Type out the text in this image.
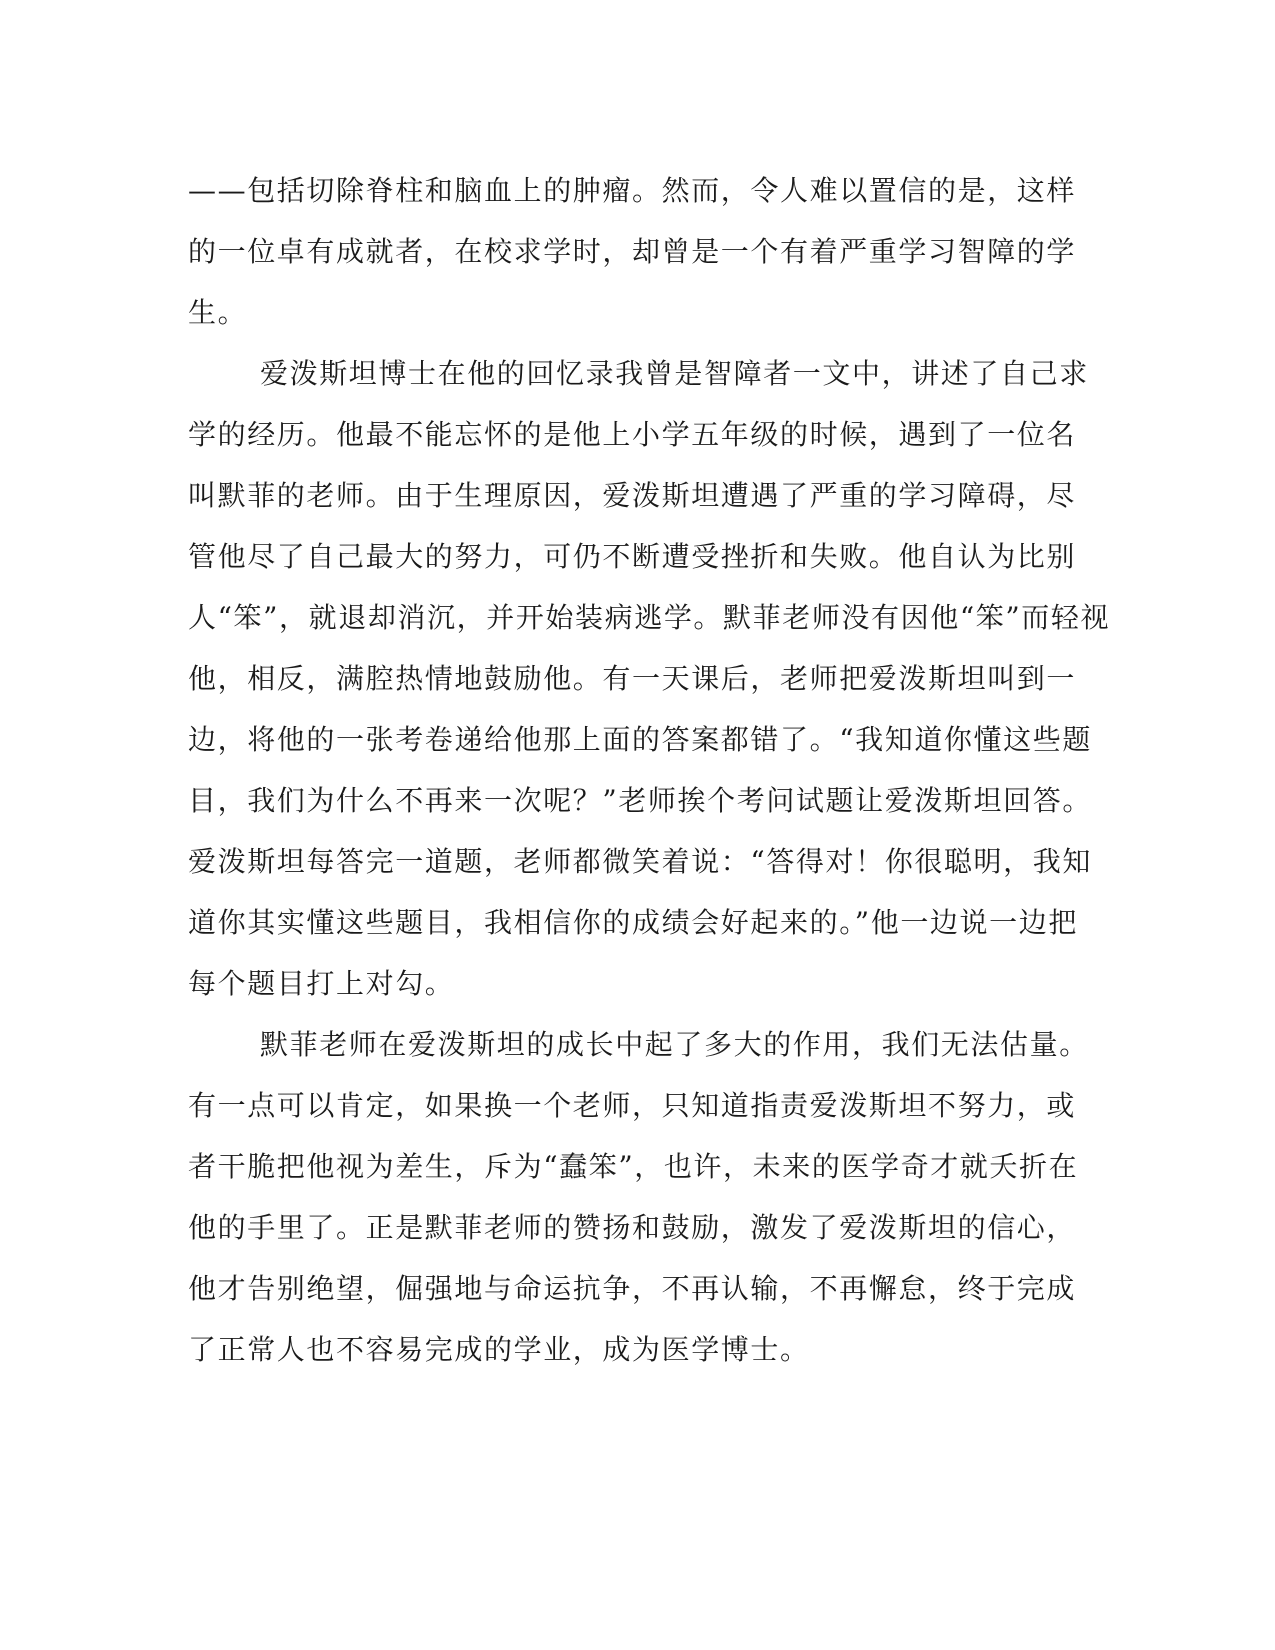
——包括切除脊柱和脑血上的肿瘤。然而，令人难以置信的是，这样
的一位卓有成就者，在校求学时，却曾是一个有着严重学习智障的学
生。
爱泼斯坦博士在他的回忆录我曾是智障者一文中，讲述了自己求
学的经历。他最不能忘怀的是他上小学五年级的时候，遇到了一位名
叫默菲的老师。由于生理原因，爱泼斯坦遭遇了严重的学习障碍，尽
管他尽了自己最大的努力，可仍不断遭受挫折和失败。他自认为比别
人“笨”，就退却消沉，并开始装病逃学。默菲老师没有因他“笨”而轻视
他，相反，满腔热情地鼓励他。有一天课后，老师把爱泼斯坦叫到一
边，将他的一张考卷递给他那上面的答案都错了。“我知道你懂这些题
目，我们为什么不再来一次呢？”老师挨个考问试题让爱泼斯坦回答。
爱泼斯坦每答完一道题，老师都微笑着说：“答得对！你很聪明，我知
道你其实懂这些题目，我相信你的成绩会好起来的。”他一边说一边把
每个题目打上对勾。
默菲老师在爱泼斯坦的成长中起了多大的作用，我们无法估量。
有一点可以肯定，如果换一个老师，只知道指责爱泼斯坦不努力，或
者干脆把他视为差生，斥为“蠢笨”，也许，未来的医学奇才就夭折在
他的手里了。正是默菲老师的赞扬和鼓励，激发了爱泼斯坦的信心，
他才告别绝望，倔强地与命运抗争，不再认输，不再懈怠，终于完成
了正常人也不容易完成的学业，成为医学博士。
